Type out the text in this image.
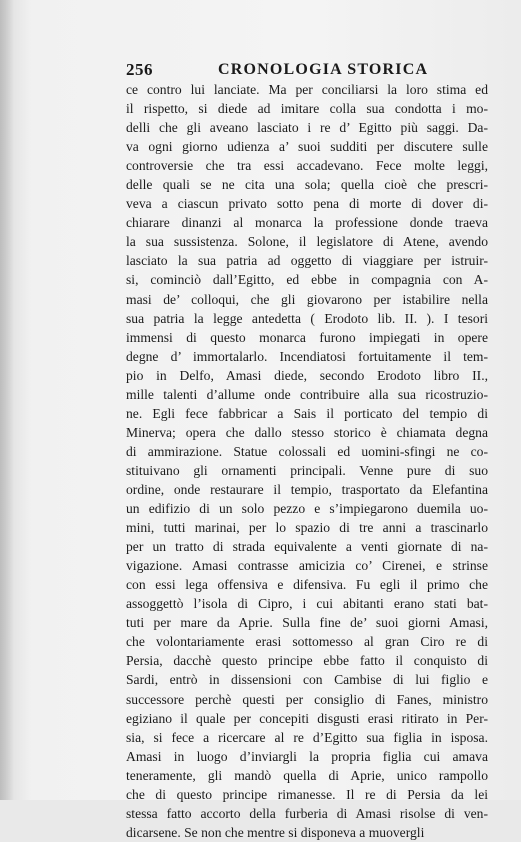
256	CRONOLOGIA STORICA
ce contro lui lanciate. Ma per conciliarsi la loro stima ed
il rispetto, si diede ad imitare colla sua condotta i mo-
delli che gli aveano lasciato i re d’ Egitto più saggi. Da-
va ogni giorno udienza a’ suoi sudditi per discutere sulle
controversie che tra essi accadevano. Fece molte leggi,
delle quali se ne cita una sola; quella cioè che prescri-
veva a ciascun privato sotto pena di morte di dover di-
chiarare dinanzi al monarca la professione donde traeva
la sua sussistenza. Solone, il legislatore di Atene, avendo
lasciato la sua patria ad oggetto di viaggiare per istruir-
si, cominciò dall’Egitto, ed ebbe in compagnia con A-
masi de’ colloqui, che gli giovarono per istabilire nella
sua patria la legge antedetta ( Erodoto lib. II. ). I tesori
immensi di questo monarca furono impiegati in opere
degne d’ immortalarlo. Incendiatosi fortuitamente il tem-
pio in Delfo, Amasi diede, secondo Erodoto libro II.,
mille talenti d’allume onde contribuire alla sua ricostruzio-
ne. Egli fece fabbricar a Sais il porticato del tempio di
Minerva; opera che dallo stesso storico è chiamata degna
di ammirazione. Statue colossali ed uomini-sfingi ne co-
stituivano gli ornamenti principali. Venne pure di suo
ordine, onde restaurare il tempio, trasportato da Elefantina
un edifizio di un solo pezzo e s’impiegarono duemila uo-
mini, tutti marinai, per lo spazio di tre anni a trascinarlo
per un tratto di strada equivalente a venti giornate di na-
vigazione. Amasi contrasse amicizia co’ Cirenei, e strinse
con essi lega offensiva e difensiva. Fu egli il primo che
assoggettò l’isola di Cipro, i cui abitanti erano stati bat-
tuti per mare da Aprie. Sulla fine de’ suoi giorni Amasi,
che volontariamente erasi sottomesso al gran Ciro re di
Persia, dacchè questo principe ebbe fatto il conquisto di
Sardi, entrò in dissensioni con Cambise di lui figlio e
successore perchè questi per consiglio di Fanes, ministro
egiziano il quale per concepiti disgusti erasi ritirato in Per-
sia, si fece a ricercare al re d’Egitto sua figlia in isposa.
Amasi in luogo d’inviargli la propria figlia cui amava
teneramente, gli mandò quella di Aprie, unico rampollo
che di questo principe rimanesse. Il re di Persia da lei
stessa fatto accorto della furberia di Amasi risolse di ven-
dicarsene. Se non che mentre si disponeva a muovergli
